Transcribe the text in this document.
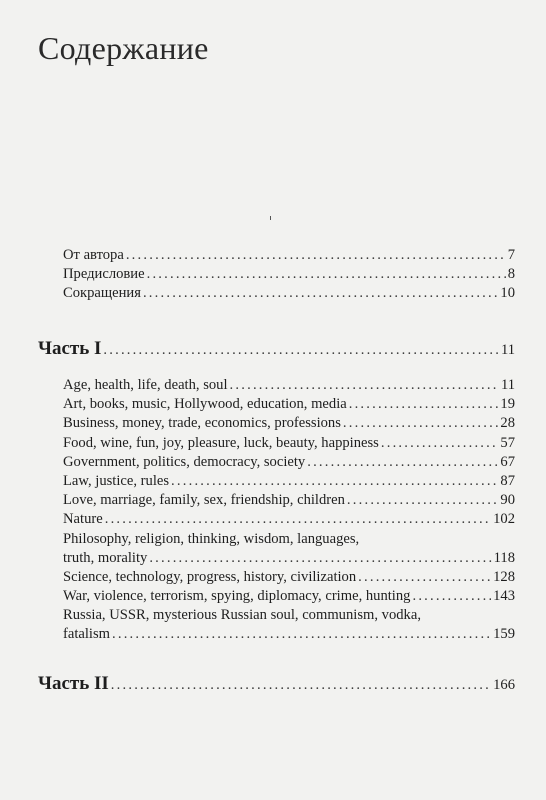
Содержание
От автора .....	7
Предисловие .....	8
Сокращения .....	10
Часть I .....	11
Age, health, life, death, soul .....	11
Art, books, music, Hollywood, education, media .....	19
Business, money, trade, economics, professions .....	28
Food, wine, fun, joy, pleasure, luck, beauty, happiness .....	57
Government, politics, democracy, society .....	67
Law, justice, rules .....	87
Love, marriage, family, sex, friendship, children .....	90
Nature .....	102
Philosophy, religion, thinking, wisdom, languages,
truth, morality .....	118
Science, technology, progress, history, civilization .....	128
War, violence, terrorism, spying, diplomacy, crime, hunting .....	143
Russia, USSR, mysterious Russian soul, communism, vodka,
fatalism .....	159
Часть II .....	166
